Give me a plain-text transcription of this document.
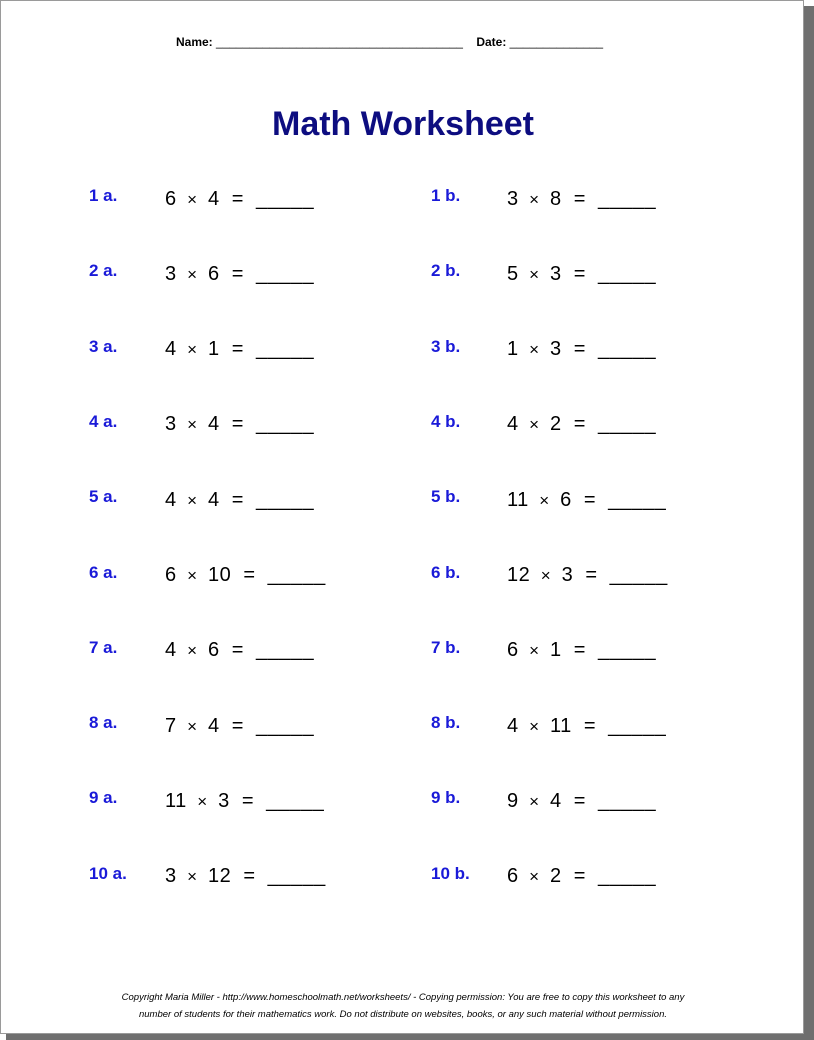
Name: _____________________________________ Date: ______________
Math Worksheet
1 a.	6  ×  4  =  _____	1 b.	3  ×  8  =  _____
2 a.	3  ×  6  =  _____	2 b.	5  ×  3  =  _____
3 a.	4  ×  1  =  _____	3 b.	1  ×  3  =  _____
4 a.	3  ×  4  =  _____	4 b.	4  ×  2  =  _____
5 a.	4  ×  4  =  _____	5 b.	11  ×  6  =  _____
6 a.	6  ×  10  =  _____	6 b.	12  ×  3  =  _____
7 a.	4  ×  6  =  _____	7 b.	6  ×  1  =  _____
8 a.	7  ×  4  =  _____	8 b.	4  ×  11  =  _____
9 a.	11  ×  3  =  _____	9 b.	9  ×  4  =  _____
10 a.	3  ×  12  =  _____	10 b.	6  ×  2  =  _____
Copyright Maria Miller - http://www.homeschoolmath.net/worksheets/ - Copying permission: You are free to copy this worksheet to any
number of students for their mathematics work. Do not distribute on websites, books, or any such material without permission.
